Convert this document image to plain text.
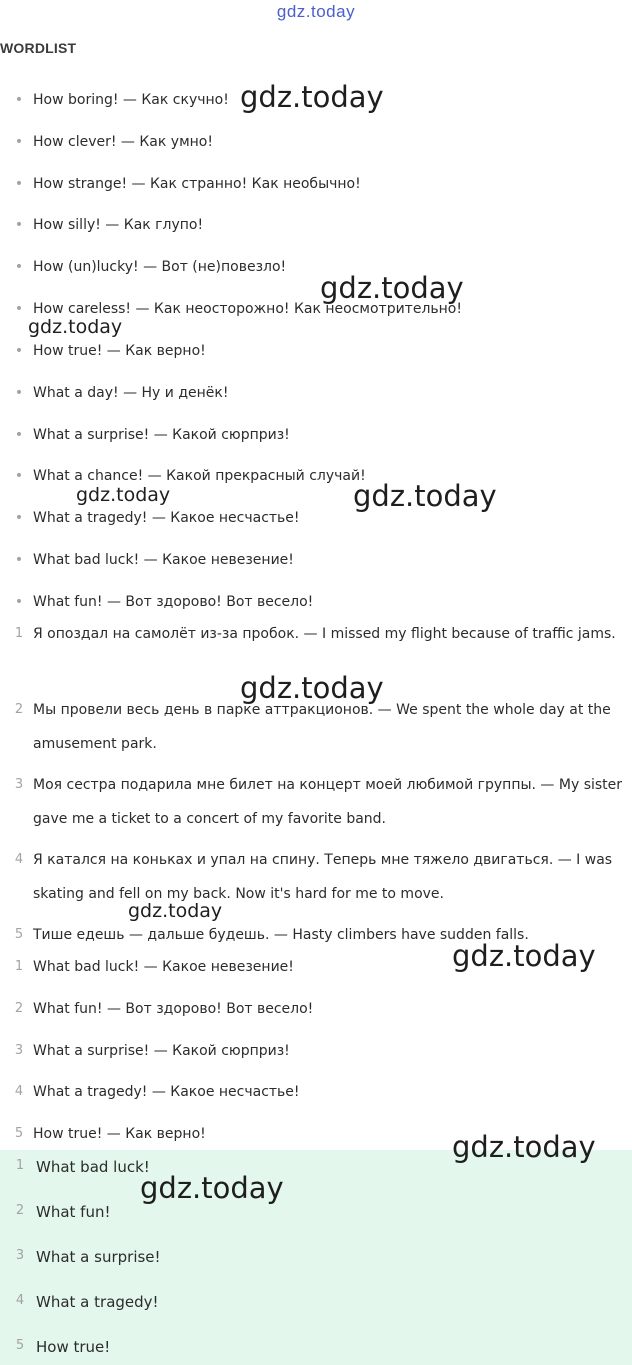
gdz.today
WORDLIST
• How boring! — Как скучно!
• How clever! — Как умно!
• How strange! — Как странно! Как необычно!
• How silly! — Как глупо!
• How (un)lucky! — Вот (не)повезло!
• How careless! — Как неосторожно! Как неосмотрительно!
• How true! — Как верно!
• What a day! — Ну и денёк!
• What a surprise! — Какой сюрприз!
• What a chance! — Какой прекрасный случай!
• What a tragedy! — Какое несчастье!
• What bad luck! — Какое невезение!
• What fun! — Вот здорово! Вот весело!
1 Я опоздал на самолёт из-за пробок. — I missed my flight because of traffic jams.
2 Мы провели весь день в парке аттракционов. — We spent the whole day at the amusement park.
3 Моя сестра подарила мне билет на концерт моей любимой группы. — My sister gave me a ticket to a concert of my favorite band.
4 Я катался на коньках и упал на спину. Теперь мне тяжело двигаться. — I was skating and fell on my back. Now it's hard for me to move.
5 Тише едешь — дальше будешь. — Hasty climbers have sudden falls.
1 What bad luck! — Какое невезение!
2 What fun! — Вот здорово! Вот весело!
3 What a surprise! — Какой сюрприз!
4 What a tragedy! — Какое несчастье!
5 How true! — Как верно!
1 What bad luck!
2 What fun!
3 What a surprise!
4 What a tragedy!
5 How true!
gdz.today
gdz.today
gdz.today
gdz.today	gdz.today
gdz.today
gdz.today
gdz.today
gdz.today
gdz.today
